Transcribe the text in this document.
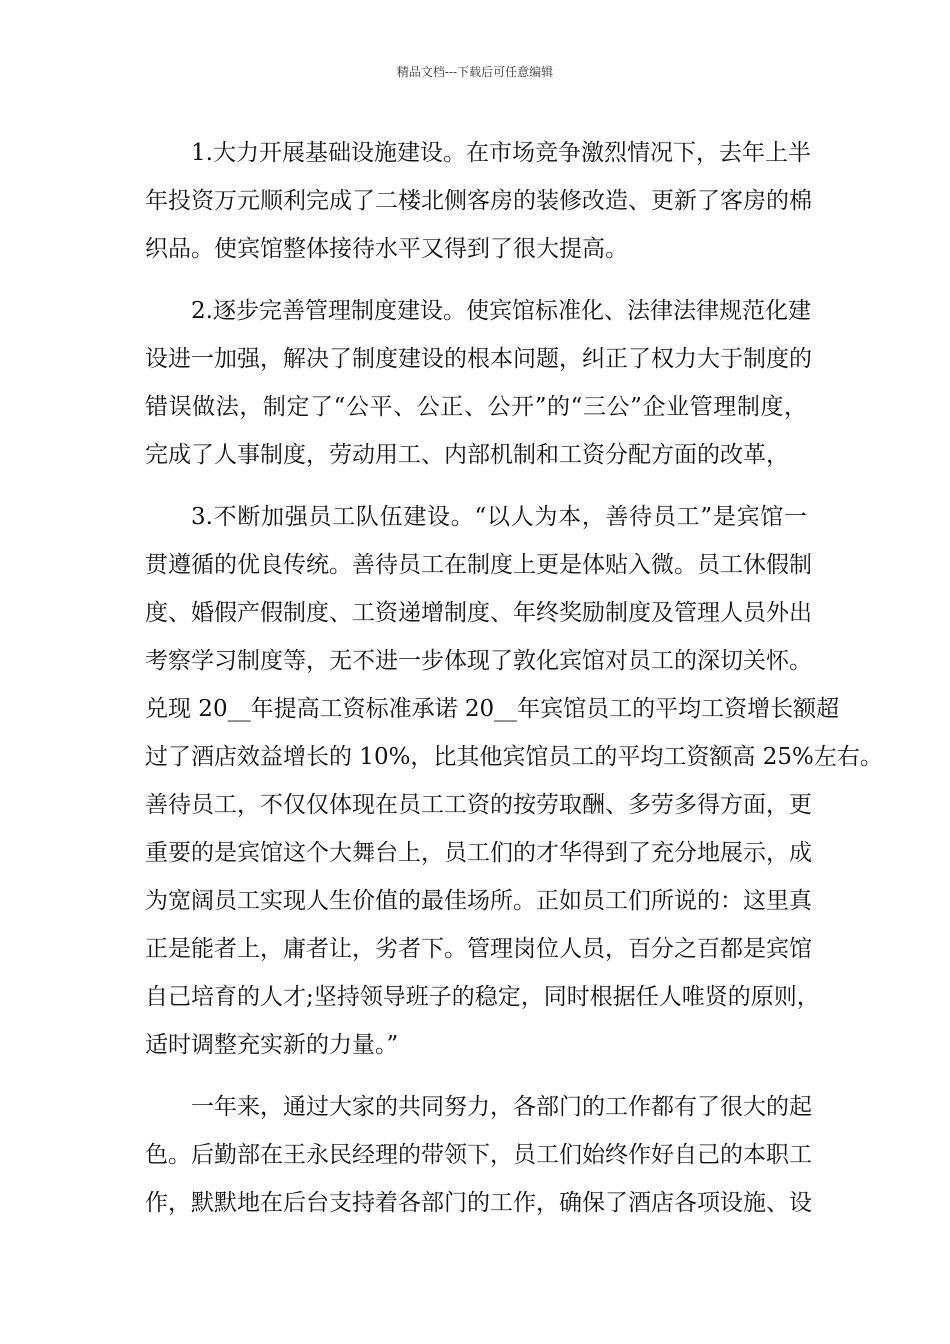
精品文档---下载后可任意编辑
1.大力开展基础设施建设。在市场竞争激烈情况下，去年上半
年投资万元顺利完成了二楼北侧客房的装修改造、更新了客房的棉
织品。使宾馆整体接待水平又得到了很大提高。
2.逐步完善管理制度建设。使宾馆标准化、法律法律规范化建
设进一加强，解决了制度建设的根本问题，纠正了权力大于制度的
错误做法，制定了“公平、公正、公开”的“三公”企业管理制度，
完成了人事制度，劳动用工、内部机制和工资分配方面的改革，
3.不断加强员工队伍建设。“以人为本，善待员工”是宾馆一
贯遵循的优良传统。善待员工在制度上更是体贴入微。员工休假制
度、婚假产假制度、工资递增制度、年终奖励制度及管理人员外出
考察学习制度等，无不进一步体现了敦化宾馆对员工的深切关怀。
兑现 20__年提高工资标准承诺 20__年宾馆员工的平均工资增长额超
过了酒店效益增长的 10%，比其他宾馆员工的平均工资额高 25%左右。
善待员工，不仅仅体现在员工工资的按劳取酬、多劳多得方面，更
重要的是宾馆这个大舞台上，员工们的才华得到了充分地展示，成
为宽阔员工实现人生价值的最佳场所。正如员工们所说的：这里真
正是能者上，庸者让，劣者下。管理岗位人员，百分之百都是宾馆
自己培育的人才;坚持领导班子的稳定，同时根据任人唯贤的原则，
适时调整充实新的力量。”
一年来，通过大家的共同努力，各部门的工作都有了很大的起
色。后勤部在王永民经理的带领下，员工们始终作好自己的本职工
作，默默地在后台支持着各部门的工作，确保了酒店各项设施、设
